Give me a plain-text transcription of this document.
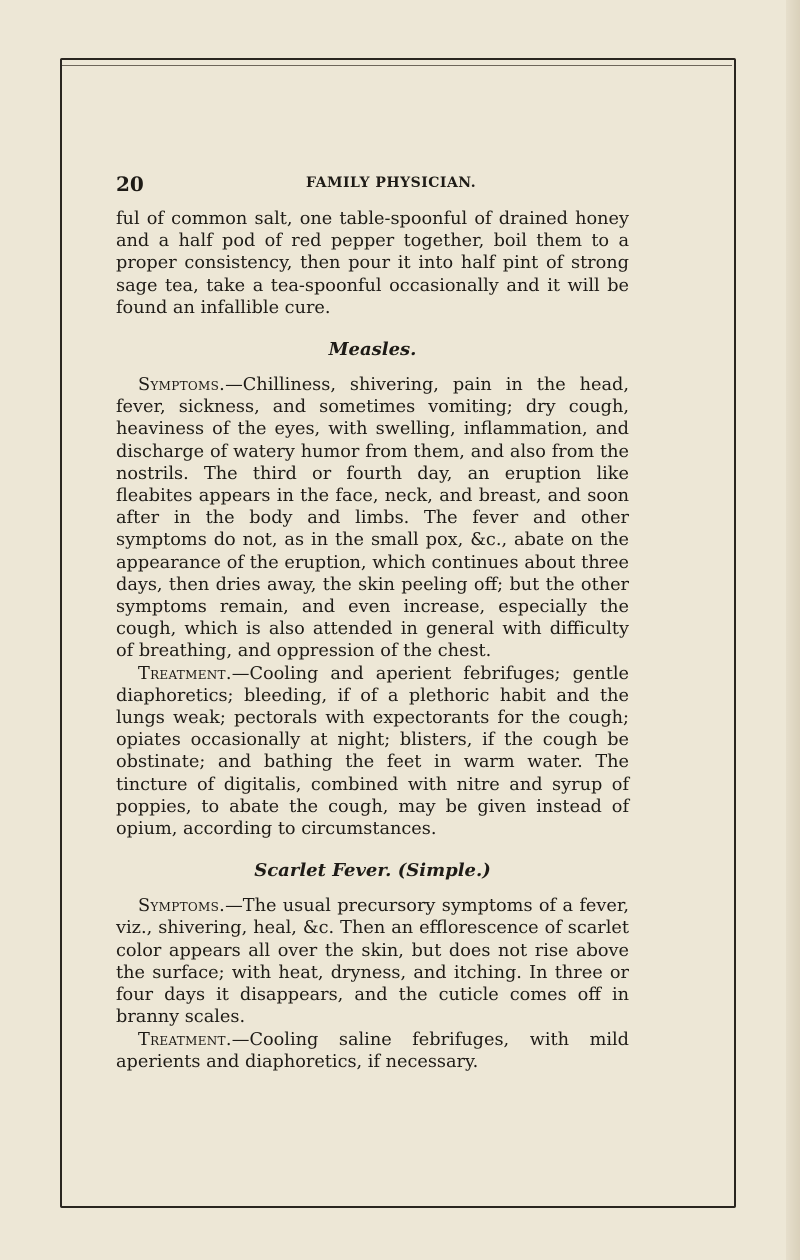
20	FAMILY PHYSICIAN.

ful of common salt, one table-spoonful of drained honey and a half pod of red pepper together, boil them to a proper consistency, then pour it into half pint of strong sage tea, take a tea-spoonful occasionally and it will be found an infallible cure.

Measles.

Symptoms.—Chilliness, shivering, pain in the head, fever, sickness, and sometimes vomiting; dry cough, heaviness of the eyes, with swelling, inflammation, and discharge of watery humor from them, and also from the nostrils. The third or fourth day, an eruption like fleabites appears in the face, neck, and breast, and soon after in the body and limbs. The fever and other symptoms do not, as in the small pox, &c., abate on the appearance of the eruption, which continues about three days, then dries away, the skin peeling off; but the other symptoms remain, and even increase, especially the cough, which is also attended in general with difficulty of breathing, and oppression of the chest.

Treatment.—Cooling and aperient febrifuges; gentle diaphoretics; bleeding, if of a plethoric habit and the lungs weak; pectorals with expectorants for the cough; opiates occasionally at night; blisters, if the cough be obstinate; and bathing the feet in warm water. The tincture of digitalis, combined with nitre and syrup of poppies, to abate the cough, may be given instead of opium, according to circumstances.

Scarlet Fever. (Simple.)

Symptoms.—The usual precursory symptoms of a fever, viz., shivering, heal, &c. Then an efflorescence of scarlet color appears all over the skin, but does not rise above the surface; with heat, dryness, and itching. In three or four days it disappears, and the cuticle comes off in branny scales.

Treatment.—Cooling saline febrifuges, with mild aperients and diaphoretics, if necessary.
